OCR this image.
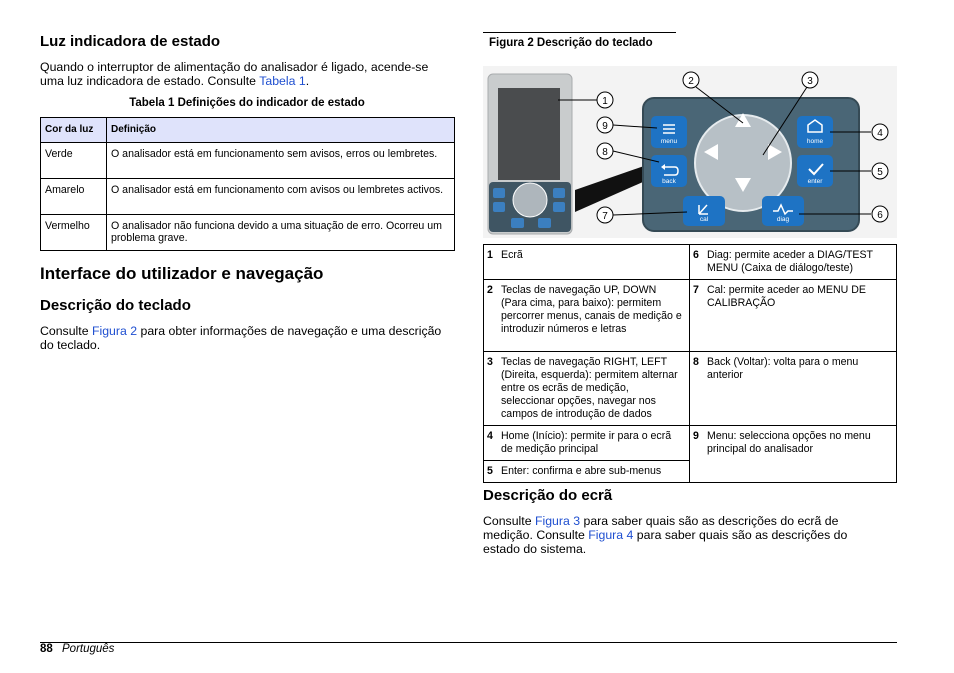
Luz indicadora de estado
Quando o interruptor de alimentação do analisador é ligado, acende-se uma luz indicadora de estado. Consulte Tabela 1.
Tabela 1 Definições do indicador de estado
Cor da luz	Definição
Verde	O analisador está em funcionamento sem avisos, erros ou lembretes.
Amarelo	O analisador está em funcionamento com avisos ou lembretes activos.
Vermelho	O analisador não funciona devido a uma situação de erro. Ocorreu um problema grave.
Interface do utilizador e navegação
Descrição do teclado
Consulte Figura 2 para obter informações de navegação e uma descrição do teclado.
Figura 2 Descrição do teclado
menu
back
cal
home
enter
diag
1
2	3
4
5
6
7
8
9
1	Ecrã	6	Diag: permite aceder a DIAG/TEST MENU (Caixa de diálogo/teste)
2	Teclas de navegação UP, DOWN (Para cima, para baixo): permitem percorrer menus, canais de medição e introduzir números e letras	7	Cal: permite aceder ao MENU DE CALIBRAÇÃO
3	Teclas de navegação RIGHT, LEFT (Direita, esquerda): permitem alternar entre os ecrãs de medição, seleccionar opções, navegar nos campos de introdução de dados	8	Back (Voltar): volta para o menu anterior
4	Home (Início): permite ir para o ecrã de medição principal	9	Menu: selecciona opções no menu principal do analisador
5	Enter: confirma e abre sub-menus		
Descrição do ecrã
Consulte Figura 3 para saber quais são as descrições do ecrã de medição. Consulte Figura 4 para saber quais são as descrições do estado do sistema.
88 Português
